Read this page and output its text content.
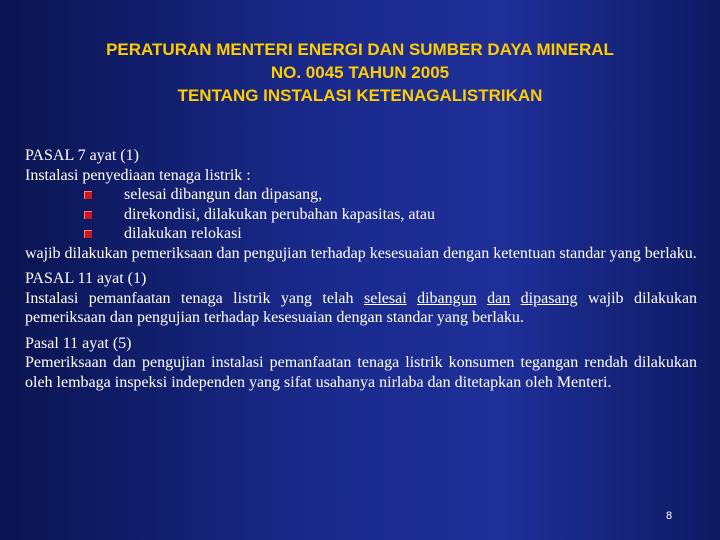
PERATURAN MENTERI ENERGI DAN SUMBER DAYA MINERAL
NO. 0045 TAHUN 2005
TENTANG INSTALASI KETENAGALISTRIKAN
PASAL 7 ayat (1)
Instalasi penyediaan tenaga listrik :
selesai dibangun dan dipasang,
direkondisi, dilakukan perubahan kapasitas, atau
dilakukan relokasi
wajib dilakukan pemeriksaan dan pengujian terhadap kesesuaian dengan ketentuan standar yang berlaku.
PASAL 11 ayat (1)
Instalasi pemanfaatan tenaga listrik yang telah selesai dibangun dan dipasang wajib dilakukan pemeriksaan dan pengujian terhadap kesesuaian dengan standar yang berlaku.
Pasal 11 ayat (5)
Pemeriksaan dan pengujian instalasi pemanfaatan tenaga listrik konsumen tegangan rendah dilakukan oleh lembaga inspeksi independen yang sifat usahanya nirlaba dan ditetapkan oleh Menteri.
8
